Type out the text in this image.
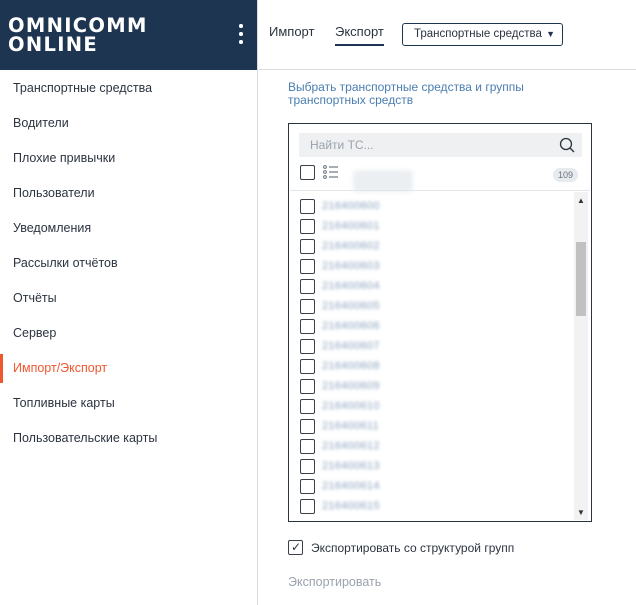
OMNICOMM
ONLINE
Транспортные средства
Водители
Плохие привычки
Пользователи
Уведомления
Рассылки отчётов
Отчёты
Сервер
Импорт/Экспорт
Топливные карты
Пользовательские карты
Импорт Экспорт	Транспортные средства ▼
Выбрать транспортные средства и группы транспортных средств
Найти ТС...
109
216400600
216400601
216400602
216400603
216400604
216400605
216400606
216400607
216400608
216400609
216400610
216400611
216400612
216400613
216400614
216400615
▲
▼
✓ Экспортировать со структурой групп
Экспортировать
